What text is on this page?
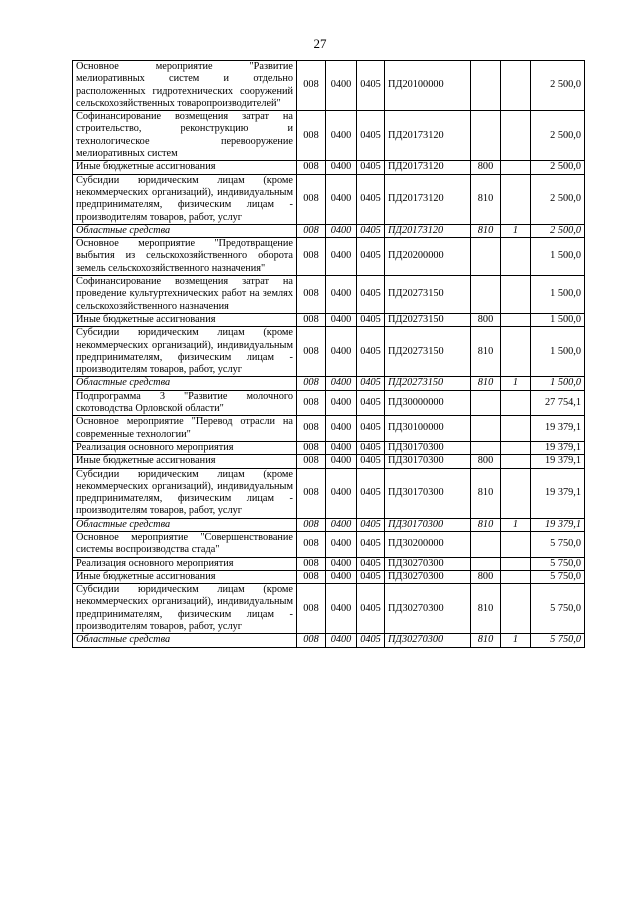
27
Основное мероприятие "Развитие мелиоративных систем и отдельно расположенных гидротехнических сооружений сельскохозяйственных товаропроизводителей"	008	0400	0405	ПД20100000			2 500,0
Софинансирование возмещения затрат на строительство, реконструкцию и технологическое перевооружение мелиоративных систем	008	0400	0405	ПД20173120			2 500,0
Иные бюджетные ассигнования	008	0400	0405	ПД20173120	800		2 500,0
Субсидии юридическим лицам (кроме некоммерческих организаций), индивидуальным предпринимателям, физическим лицам - производителям товаров, работ, услуг	008	0400	0405	ПД20173120	810		2 500,0
Областные средства	008	0400	0405	ПД20173120	810	1	2 500,0
Основное мероприятие "Предотвращение выбытия из сельскохозяйственного оборота земель сельскохозяйственного назначения"	008	0400	0405	ПД20200000			1 500,0
Софинансирование возмещения затрат на проведение культуртехнических работ на землях сельскохозяйственного назначения	008	0400	0405	ПД20273150			1 500,0
Иные бюджетные ассигнования	008	0400	0405	ПД20273150	800		1 500,0
Субсидии юридическим лицам (кроме некоммерческих организаций), индивидуальным предпринимателям, физическим лицам - производителям товаров, работ, услуг	008	0400	0405	ПД20273150	810		1 500,0
Областные средства	008	0400	0405	ПД20273150	810	1	1 500,0
Подпрограмма 3 "Развитие молочного скотоводства Орловской области"	008	0400	0405	ПД30000000			27 754,1
Основное мероприятие "Перевод отрасли на современные технологии"	008	0400	0405	ПД30100000			19 379,1
Реализация основного мероприятия	008	0400	0405	ПД30170300			19 379,1
Иные бюджетные ассигнования	008	0400	0405	ПД30170300	800		19 379,1
Субсидии юридическим лицам (кроме некоммерческих организаций), индивидуальным предпринимателям, физическим лицам - производителям товаров, работ, услуг	008	0400	0405	ПД30170300	810		19 379,1
Областные средства	008	0400	0405	ПД30170300	810	1	19 379,1
Основное мероприятие "Совершенствование системы воспроизводства стада"	008	0400	0405	ПД30200000			5 750,0
Реализация основного мероприятия	008	0400	0405	ПД30270300			5 750,0
Иные бюджетные ассигнования	008	0400	0405	ПД30270300	800		5 750,0
Субсидии юридическим лицам (кроме некоммерческих организаций), индивидуальным предпринимателям, физическим лицам - производителям товаров, работ, услуг	008	0400	0405	ПД30270300	810		5 750,0
Областные средства	008	0400	0405	ПД30270300	810	1	5 750,0
